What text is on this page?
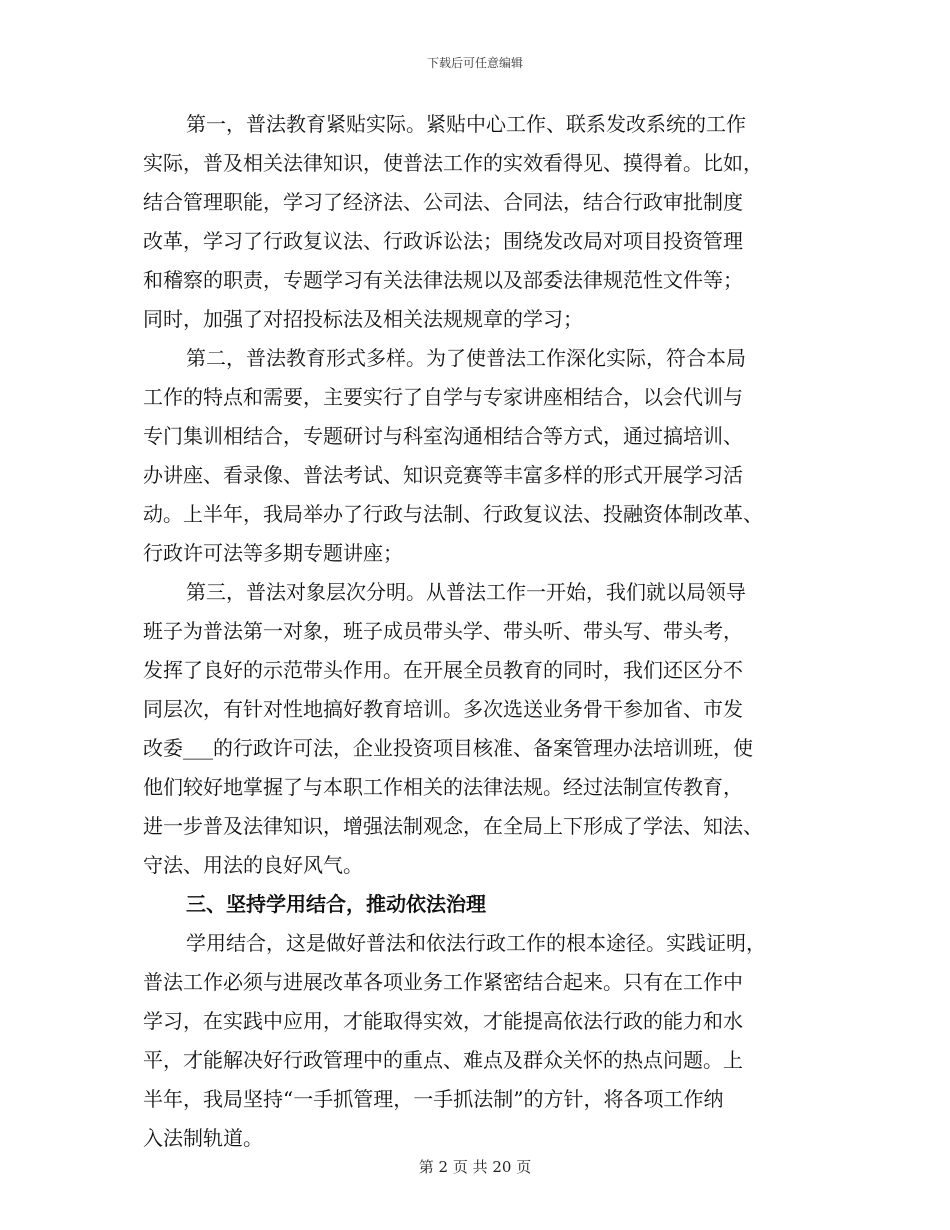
下载后可任意编辑
第一，普法教育紧贴实际。紧贴中心工作、联系发改系统的工作
实际，普及相关法律知识，使普法工作的实效看得见、摸得着。比如，
结合管理职能，学习了经济法、公司法、合同法，结合行政审批制度
改革，学习了行政复议法、行政诉讼法；围绕发改局对项目投资管理
和稽察的职责，专题学习有关法律法规以及部委法律规范性文件等；
同时，加强了对招投标法及相关法规规章的学习；
第二，普法教育形式多样。为了使普法工作深化实际，符合本局
工作的特点和需要，主要实行了自学与专家讲座相结合，以会代训与
专门集训相结合，专题研讨与科室沟通相结合等方式，通过搞培训、
办讲座、看录像、普法考试、知识竞赛等丰富多样的形式开展学习活
动。上半年，我局举办了行政与法制、行政复议法、投融资体制改革、
行政许可法等多期专题讲座；
第三，普法对象层次分明。从普法工作一开始，我们就以局领导
班子为普法第一对象，班子成员带头学、带头听、带头写、带头考，
发挥了良好的示范带头作用。在开展全员教育的同时，我们还区分不
同层次，有针对性地搞好教育培训。多次选送业务骨干参加省、市发
改委___的行政许可法，企业投资项目核准、备案管理办法培训班，使
他们较好地掌握了与本职工作相关的法律法规。经过法制宣传教育，
进一步普及法律知识，增强法制观念，在全局上下形成了学法、知法、
守法、用法的良好风气。
三、坚持学用结合，推动依法治理
学用结合，这是做好普法和依法行政工作的根本途径。实践证明，
普法工作必须与进展改革各项业务工作紧密结合起来。只有在工作中
学习，在实践中应用，才能取得实效，才能提高依法行政的能力和水
平，才能解决好行政管理中的重点、难点及群众关怀的热点问题。上
半年，我局坚持“一手抓管理，一手抓法制”的方针，将各项工作纳
入法制轨道。
第 2 页 共 20 页
